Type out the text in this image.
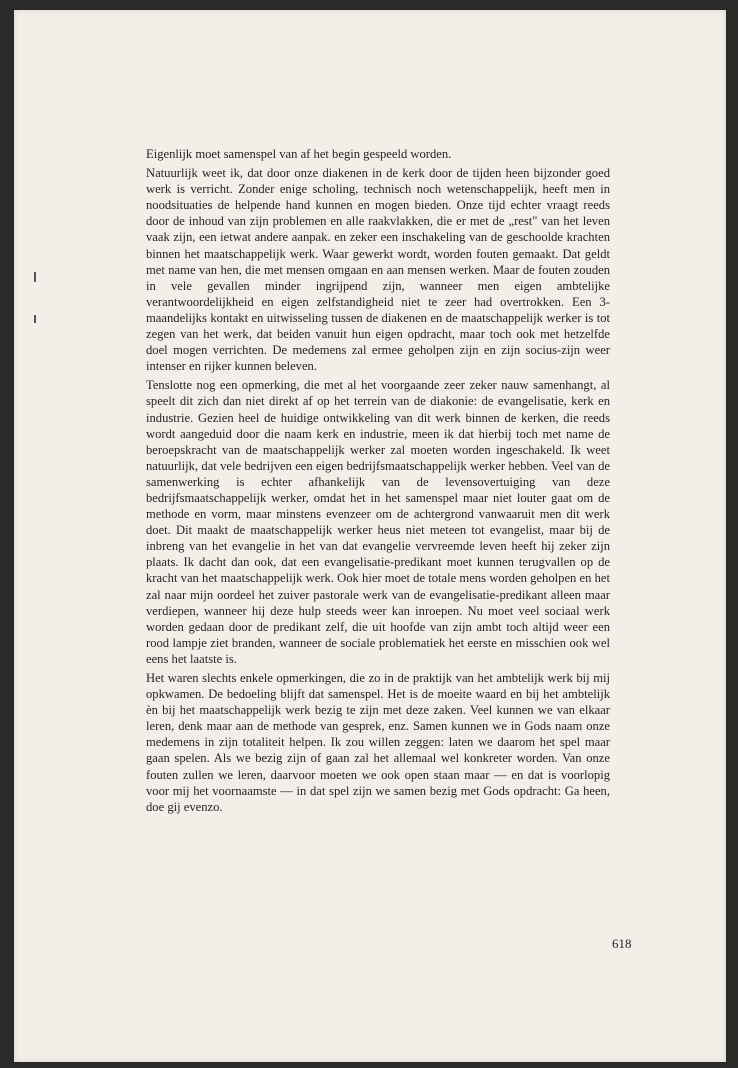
Eigenlijk moet samenspel van af het begin gespeeld worden.

Natuurlijk weet ik, dat door onze diakenen in de kerk door de tijden heen bijzonder goed werk is verricht. Zonder enige scholing, technisch noch wetenschappelijk, heeft men in noodsituaties de helpende hand kunnen en mogen bieden. Onze tijd echter vraagt reeds door de inhoud van zijn problemen en alle raakvlakken, die er met de „rest" van het leven vaak zijn, een ietwat andere aanpak. en zeker een inschakeling van de geschoolde krachten binnen het maatschappelijk werk. Waar gewerkt wordt, worden fouten gemaakt. Dat geldt met name van hen, die met mensen omgaan en aan mensen werken. Maar de fouten zouden in vele gevallen minder ingrijpend zijn, wanneer men eigen ambtelijke verantwoordelijkheid en eigen zelfstandigheid niet te zeer had overtrokken. Een 3-maandelijks kontakt en uitwisseling tussen de diakenen en de maatschappelijk werker is tot zegen van het werk, dat beiden vanuit hun eigen opdracht, maar toch ook met hetzelfde doel mogen verrichten. De medemens zal ermee geholpen zijn en zijn socius-zijn weer intenser en rijker kunnen beleven.

Tenslotte nog een opmerking, die met al het voorgaande zeer zeker nauw samenhangt, al speelt dit zich dan niet direkt af op het terrein van de diakonie: de evangelisatie, kerk en industrie. Gezien heel de huidige ontwikkeling van dit werk binnen de kerken, die reeds wordt aangeduid door die naam kerk en industrie, meen ik dat hierbij toch met name de beroepskracht van de maatschappelijk werker zal moeten worden ingeschakeld. Ik weet natuurlijk, dat vele bedrijven een eigen bedrijfsmaatschappelijk werker hebben. Veel van de samenwerking is echter afhankelijk van de levensovertuiging van deze bedrijfsmaatschappelijk werker, omdat het in het samenspel maar niet louter gaat om de methode en vorm, maar minstens evenzeer om de achtergrond vanwaaruit men dit werk doet. Dit maakt de maatschappelijk werker heus niet meteen tot evangelist, maar bij de inbreng van het evangelie in het van dat evangelie vervreemde leven heeft hij zeker zijn plaats. Ik dacht dan ook, dat een evangelisatie-predikant moet kunnen terugvallen op de kracht van het maatschappelijk werk. Ook hier moet de totale mens worden geholpen en het zal naar mijn oordeel het zuiver pastorale werk van de evangelisatie-predikant alleen maar verdiepen, wanneer hij deze hulp steeds weer kan inroepen. Nu moet veel sociaal werk worden gedaan door de predikant zelf, die uit hoofde van zijn ambt toch altijd weer een rood lampje ziet branden, wanneer de sociale problematiek het eerste en misschien ook wel eens het laatste is.

Het waren slechts enkele opmerkingen, die zo in de praktijk van het ambtelijk werk bij mij opkwamen. De bedoeling blijft dat samenspel. Het is de moeite waard en bij het ambtelijk èn bij het maatschappelijk werk bezig te zijn met deze zaken. Veel kunnen we van elkaar leren, denk maar aan de methode van gesprek, enz. Samen kunnen we in Gods naam onze medemens in zijn totaliteit helpen. Ik zou willen zeggen: laten we daarom het spel maar gaan spelen. Als we bezig zijn of gaan zal het allemaal wel konkreter worden. Van onze fouten zullen we leren, daarvoor moeten we ook open staan maar — en dat is voorlopig voor mij het voornaamste — in dat spel zijn we samen bezig met Gods opdracht: Ga heen, doe gij evenzo.

618
